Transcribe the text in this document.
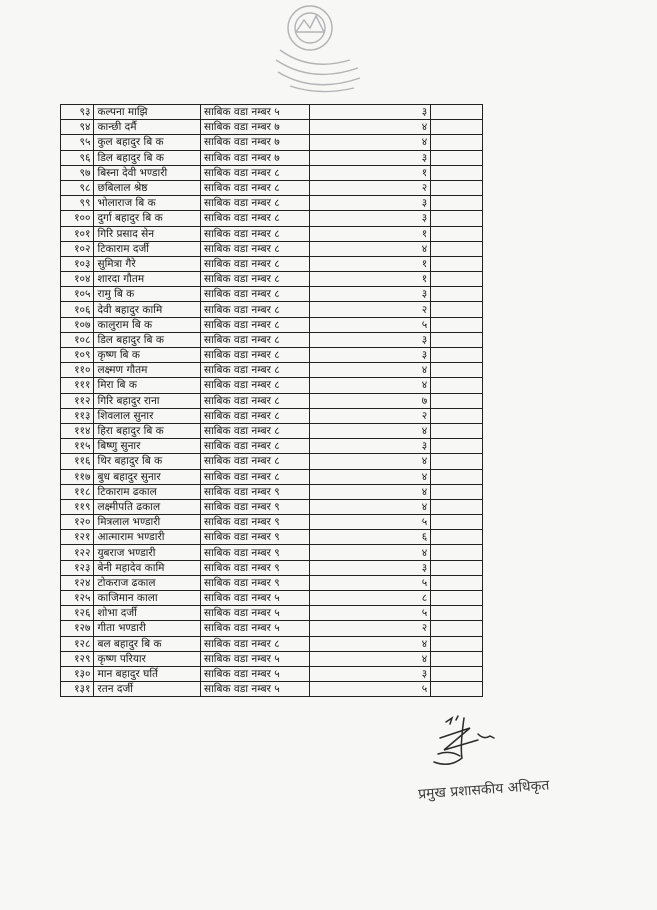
९३	कल्पना माझि	साबिक वडा नम्बर ५	३	
९४	कान्छी दर्मै	साबिक वडा नम्बर ७	४	
९५	कुल बहादुर बि क	साबिक वडा नम्बर ७	४	
९६	डिल बहादुर बि क	साबिक वडा नम्बर ७	३	
९७	बिस्ना देवी भण्डारी	साबिक वडा नम्बर ८	१	
९८	छबिलाल श्रेष्ठ	साबिक वडा नम्बर ८	२	
९९	भोलाराज बि क	साबिक वडा नम्बर ८	३	
१००	दुर्गा बहादुर बि क	साबिक वडा नम्बर ८	३	
१०१	गिरि प्रसाद सेन	साबिक वडा नम्बर ८	१	
१०२	टिकाराम दर्जी	साबिक वडा नम्बर ८	४	
१०३	सुमित्रा गैरे	साबिक वडा नम्बर ८	१	
१०४	शारदा गौतम	साबिक वडा नम्बर ८	१	
१०५	रामु बि क	साबिक वडा नम्बर ८	३	
१०६	देवी बहादुर कामि	साबिक वडा नम्बर ८	२	
१०७	कालुराम बि क	साबिक वडा नम्बर ८	५	
१०८	डिल बहादुर बि क	साबिक वडा नम्बर ८	३	
१०९	कृष्ण बि क	साबिक वडा नम्बर ८	३	
११०	लक्ष्मण गौतम	साबिक वडा नम्बर ८	४	
१११	मिरा बि क	साबिक वडा नम्बर ८	४	
११२	गिरि बहादुर राना	साबिक वडा नम्बर ८	७	
११३	शिवलाल सुनार	साबिक वडा नम्बर ८	२	
११४	हिरा बहादुर बि क	साबिक वडा नम्बर ८	४	
११५	बिष्णु सुनार	साबिक वडा नम्बर ८	३	
११६	थिर बहादुर बि क	साबिक वडा नम्बर ८	४	
११७	बुध बहादुर सुनार	साबिक वडा नम्बर ८	४	
११८	टिकाराम ढकाल	साबिक वडा नम्बर ९	४	
११९	लक्ष्मीपति ढकाल	साबिक वडा नम्बर ९	४	
१२०	मित्रलाल भण्डारी	साबिक वडा नम्बर ९	५	
१२१	आत्माराम भण्डारी	साबिक वडा नम्बर ९	६	
१२२	युबराज भण्डारी	साबिक वडा नम्बर ९	४	
१२३	बेनी महादेव कामि	साबिक वडा नम्बर ९	३	
१२४	टोकराज ढकाल	साबिक वडा नम्बर ९	५	
१२५	काजिमान काला	साबिक वडा नम्बर ५	८	
१२६	शोभा दर्जी	साबिक वडा नम्बर ५	५	
१२७	गीता भण्डारी	साबिक वडा नम्बर ५	२	
१२८	बल बहादुर बि क	साबिक वडा नम्बर ८	४	
१२९	कृष्ण परियार	साबिक वडा नम्बर ५	४	
१३०	मान बहादुर घर्ति	साबिक वडा नम्बर ५	३	
१३१	रतन दर्जी	साबिक वडा नम्बर ५	५	
प्रमुख प्रशासकीय अधिकृत
